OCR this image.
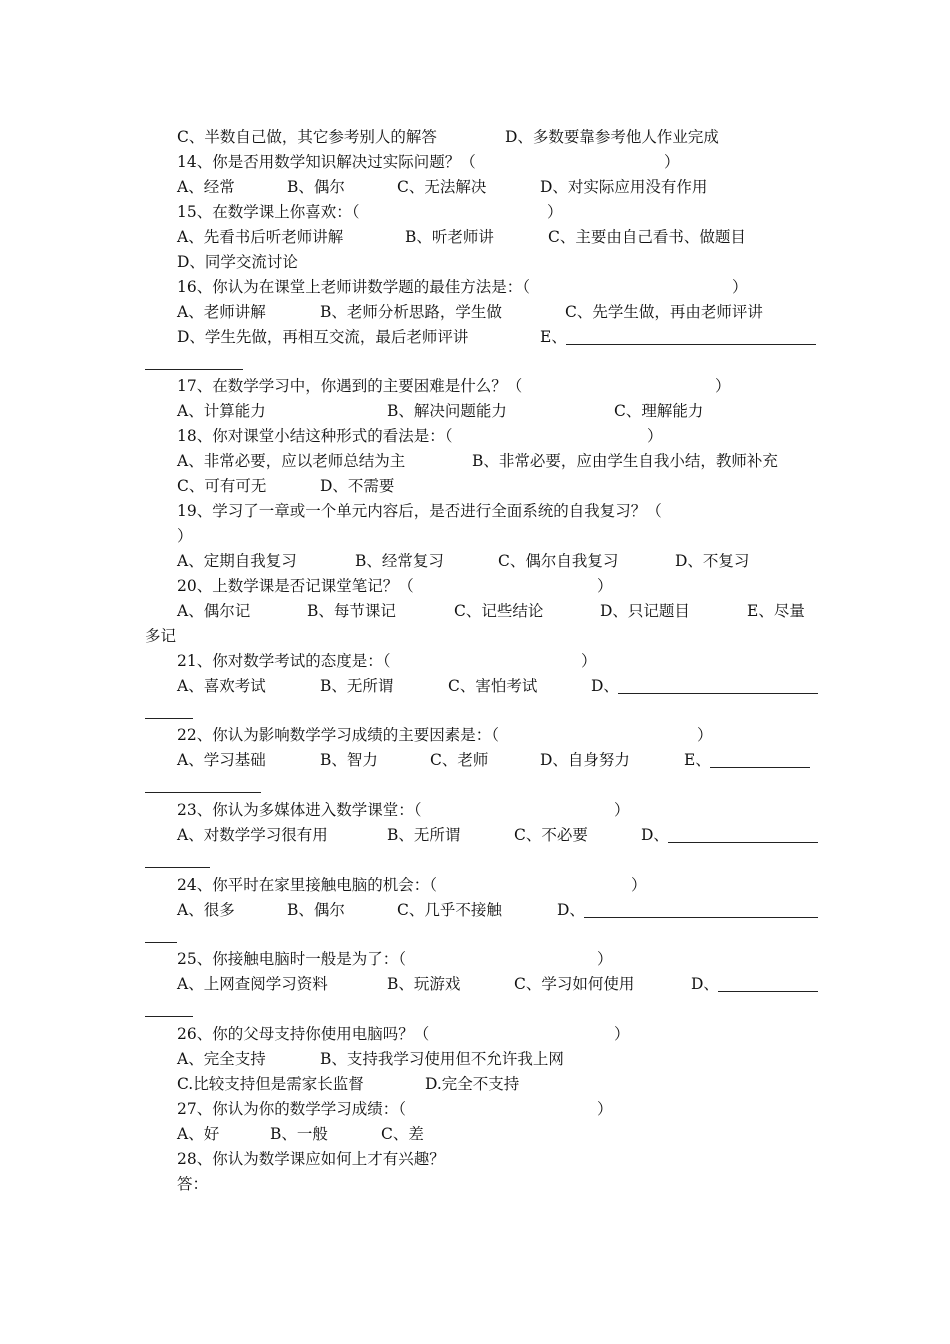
C、半数自己做，其它参考别人的解答	D、多数要靠参考他人作业完成
14、你是否用数学知识解决过实际问题？（	）
A、经常	B、偶尔	C、无法解决	D、对实际应用没有作用
15、在数学课上你喜欢：（	）
A、先看书后听老师讲解	B、听老师讲	C、主要由自己看书、做题目
D、同学交流讨论
16、你认为在课堂上老师讲数学题的最佳方法是：（	）
A、老师讲解	B、老师分析思路，学生做	C、先学生做，再由老师评讲
D、学生先做，再相互交流，最后老师评讲	E、
17、在数学学习中，你遇到的主要困难是什么？（	）
A、计算能力	B、解决问题能力	C、理解能力
18、你对课堂小结这种形式的看法是：（	）
A、非常必要，应以老师总结为主	B、非常必要，应由学生自我小结，教师补充
C、可有可无	D、不需要
19、学习了一章或一个单元内容后，是否进行全面系统的自我复习？（
）
A、定期自我复习	B、经常复习	C、偶尔自我复习	D、不复习
20、上数学课是否记课堂笔记？（	）
A、偶尔记	B、每节课记	C、记些结论	D、只记题目	E、尽量
多记
21、你对数学考试的态度是：（	）
A、喜欢考试	B、无所谓	C、害怕考试	D、
22、你认为影响数学学习成绩的主要因素是：（	）
A、学习基础	B、智力	C、老师	D、自身努力	E、
23、你认为多媒体进入数学课堂：（	）
A、对数学学习很有用	B、无所谓	C、不必要	D、
24、你平时在家里接触电脑的机会：（	）
A、很多	B、偶尔	C、几乎不接触	D、
25、你接触电脑时一般是为了：（	）
A、上网查阅学习资料	B、玩游戏	C、学习如何使用	D、
26、你的父母支持你使用电脑吗？（	）
A、完全支持	B、支持我学习使用但不允许我上网
C.比较支持但是需家长监督	D.完全不支持
27、你认为你的数学学习成绩：（	）
A、好	B、一般	C、差
28、你认为数学课应如何上才有兴趣？
答：
